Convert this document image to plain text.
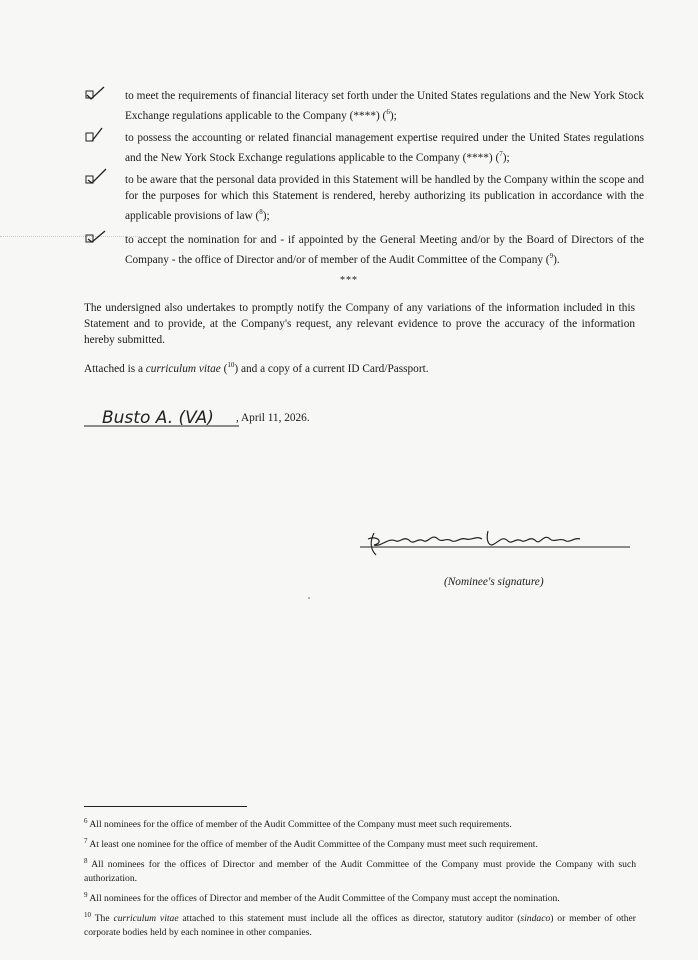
to meet the requirements of financial literacy set forth under the United States regulations and the New York Stock Exchange regulations applicable to the Company (****) ($^6$);
to possess the accounting or related financial management expertise required under the United States regulations and the New York Stock Exchange regulations applicable to the Company (****) ($^7$);
to be aware that the personal data provided in this Statement will be handled by the Company within the scope and for the purposes for which this Statement is rendered, hereby authorizing its publication in accordance with the applicable provisions of law ($^8$);
to accept the nomination for and - if appointed by the General Meeting and/or by the Board of Directors of the Company - the office of Director and/or of member of the Audit Committee of the Company ($^9$).
***
The undersigned also undertakes to promptly notify the Company of any variations of the information included in this Statement and to provide, at the Company's request, any relevant evidence to prove the accuracy of the information hereby submitted.
Attached is a curriculum vitae ($^{10}$) and a copy of a current ID Card/Passport.
Busto A. (VA) , April 11, 2026.
(Nominee's signature)
$^6$ All nominees for the office of member of the Audit Committee of the Company must meet such requirements.
$^7$ At least one nominee for the office of member of the Audit Committee of the Company must meet such requirement.
$^8$ All nominees for the offices of Director and member of the Audit Committee of the Company must provide the Company with such authorization.
$^9$ All nominees for the offices of Director and member of the Audit Committee of the Company must accept the nomination.
$^{10}$ The curriculum vitae attached to this statement must include all the offices as director, statutory auditor (sindaco) or member of other corporate bodies held by each nominee in other companies.
